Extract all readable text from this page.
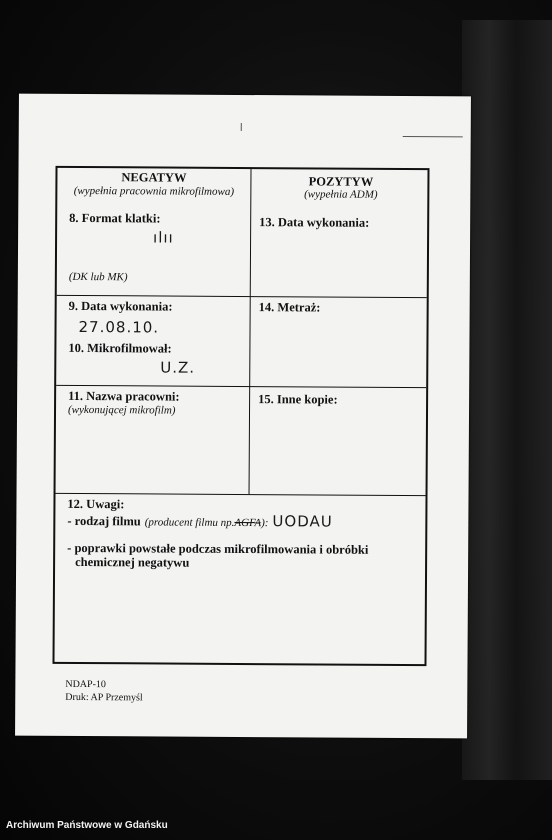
NEGATYW
(wypełnia pracownia mikrofilmowa)
8. Format klatki:
ılıı
(DK lub MK)
9. Data wykonania:
27.08.10.
10. Mikrofilmował:
U.Z.
11. Nazwa pracowni:
(wykonującej mikrofilm)
POZYTYW
(wypełnia ADM)
13. Data wykonania:
14. Metraż:
15. Inne kopie:
12. Uwagi:
- rodzaj filmu (producent filmu np.AGFA): UODAU
- poprawki powstałe podczas mikrofilmowania i obróbki
chemicznej negatywu
NDAP-10
Druk: AP Przemyśl
Archiwum Państwowe w Gdańsku
